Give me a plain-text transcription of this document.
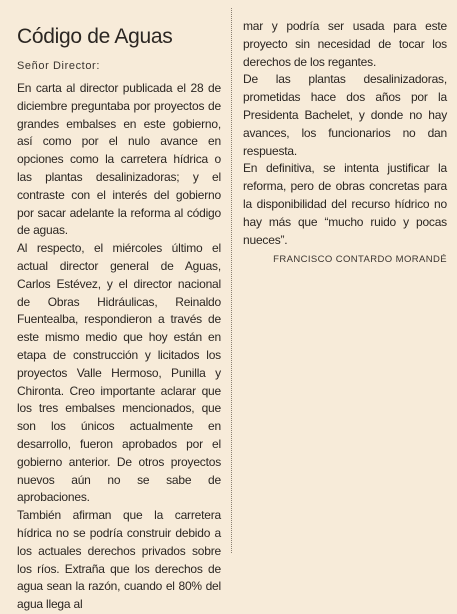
Código de Aguas
Señor Director:

En carta al director publicada el 28 de diciembre preguntaba por proyectos de grandes embalses en este gobierno, así como por el nulo avance en opciones como la carretera hídrica o las plantas desalinizadoras; y el contraste con el interés del gobierno por sacar adelante la reforma al código de aguas.

Al respecto, el miércoles último el actual director general de Aguas, Carlos Estévez, y el director nacional de Obras Hidráulicas, Reinaldo Fuentealba, respondieron a través de este mismo medio que hoy están en etapa de construcción y licitados los proyectos Valle Hermoso, Punilla y Chironta. Creo importante aclarar que los tres embalses mencionados, que son los únicos actualmente en desarrollo, fueron aprobados por el gobierno anterior. De otros proyectos nuevos aún no se sabe de aprobaciones.

También afirman que la carretera hídrica no se podría construir debido a los actuales derechos privados sobre los ríos. Extraña que los derechos de agua sean la razón, cuando el 80% del agua llega al

mar y podría ser usada para este proyecto sin necesidad de tocar los derechos de los regantes.

De las plantas desalinizadoras, prometidas hace dos años por la Presidenta Bachelet, y donde no hay avances, los funcionarios no dan respuesta.

En definitiva, se intenta justificar la reforma, pero de obras concretas para la disponibilidad del recurso hídrico no hay más que “mucho ruido y pocas nueces”.

FRANCISCO CONTARDO MORANDÉ
